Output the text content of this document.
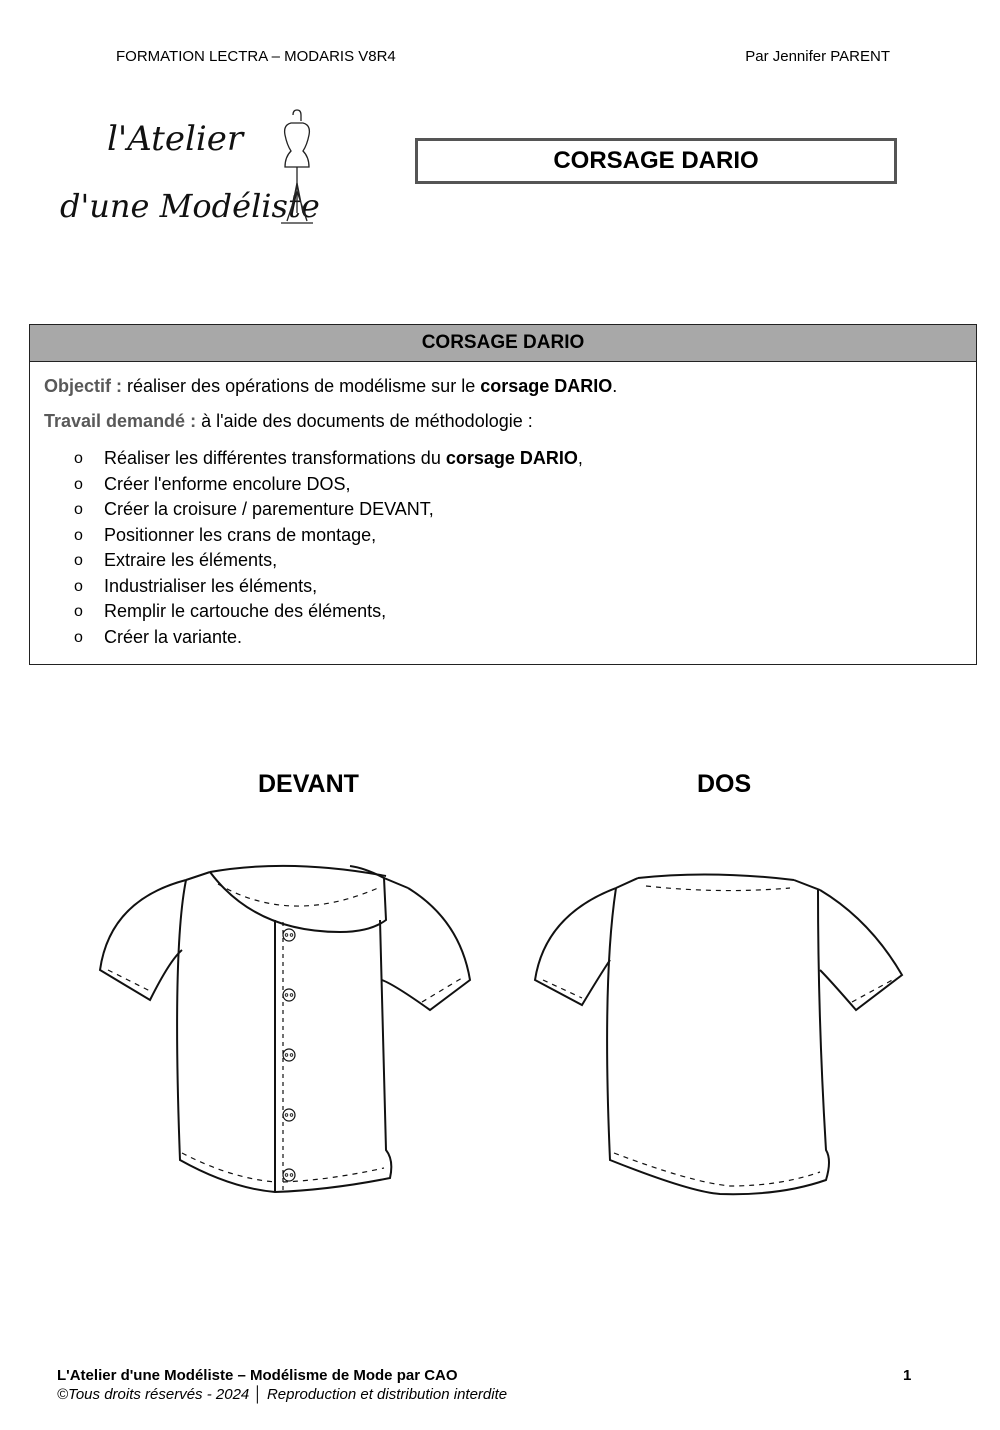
FORMATION LECTRA – MODARIS V8R4	Par Jennifer PARENT
l'Atelier
d'une Modéliste
CORSAGE DARIO
CORSAGE DARIO

Objectif : réaliser des opérations de modélisme sur le corsage DARIO.

Travail demandé : à l'aide des documents de méthodologie :

o Réaliser les différentes transformations du corsage DARIO,
o Créer l'enforme encolure DOS,
o Créer la croisure / parementure DEVANT,
o Positionner les crans de montage,
o Extraire les éléments,
o Industrialiser les éléments,
o Remplir le cartouche des éléments,
o Créer la variante.
DEVANT	DOS
L'Atelier d'une Modéliste – Modélisme de Mode par CAO
©Tous droits réservés - 2024 │ Reproduction et distribution interdite
1
